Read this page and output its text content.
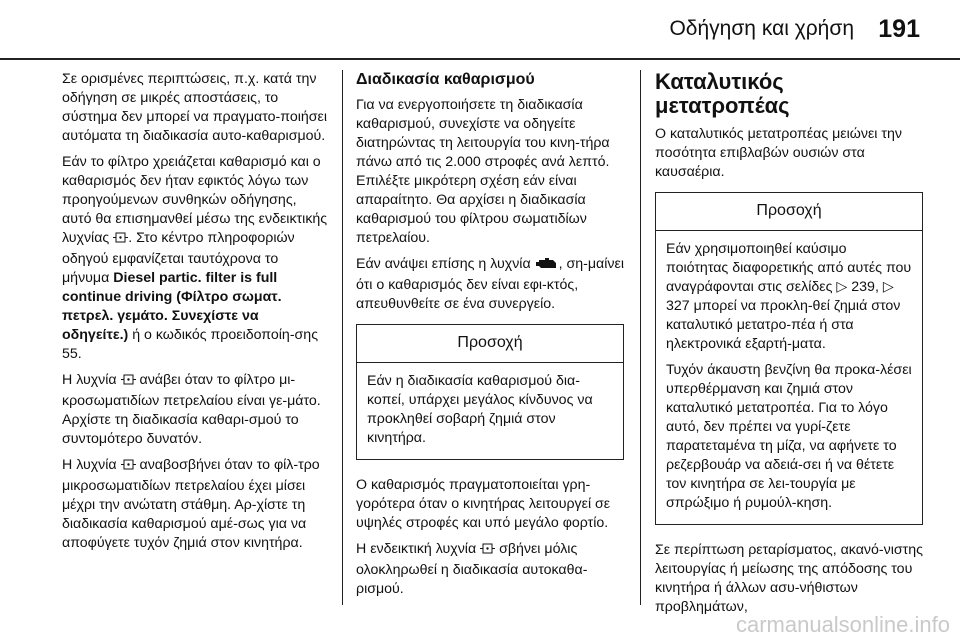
Οδήγηση και χρήση 191

Σε ορισμένες περιπτώσεις, π.χ. κατά την οδήγηση σε μικρές αποστάσεις, το σύστημα δεν μπορεί να πραγματο-ποιήσει αυτόματα τη διαδικασία αυτο-καθαρισμού.

Εάν το φίλτρο χρειάζεται καθαρισμό και ο καθαρισμός δεν ήταν εφικτός λόγω των προηγούμενων συνθηκών οδήγησης, αυτό θα επισημανθεί μέσω της ενδεικτικής λυχνίας . Στο κέντρο πληροφοριών οδηγού εμφανίζεται ταυτόχρονα το μήνυμα Diesel partic. filter is full continue driving (Φίλτρο σωματ. πετρελ. γεμάτο. Συνεχίστε να οδηγείτε.) ή ο κωδικός προειδοποίη-σης 55.

Η λυχνία ανάβει όταν το φίλτρο μι-κροσωματιδίων πετρελαίου είναι γε-μάτο. Αρχίστε τη διαδικασία καθαρι-σμού το συντομότερο δυνατόν.

Η λυχνία αναβοσβήνει όταν το φίλ-τρο μικροσωματιδίων πετρελαίου έχει μίσει μέχρι την ανώτατη στάθμη. Αρ-χίστε τη διαδικασία καθαρισμού αμέ-σως για να αποφύγετε τυχόν ζημιά στον κινητήρα.

Διαδικασία καθαρισμού

Για να ενεργοποιήσετε τη διαδικασία καθαρισμού, συνεχίστε να οδηγείτε διατηρώντας τη λειτουργία του κινη-τήρα πάνω από τις 2.000 στροφές ανά λεπτό. Επιλέξτε μικρότερη σχέση εάν είναι απαραίτητο. Θα αρχίσει η διαδικασία καθαρισμού του φίλτρου σωματιδίων πετρελαίου.

Εάν ανάψει επίσης η λυχνία , ση-μαίνει ότι ο καθαρισμός δεν είναι εφι-κτός, απευθυνθείτε σε ένα συνεργείο.

Προσοχή

Εάν η διαδικασία καθαρισμού δια-κοπεί, υπάρχει μεγάλος κίνδυνος να προκληθεί σοβαρή ζημιά στον κινητήρα.

Ο καθαρισμός πραγματοποιείται γρη-γορότερα όταν ο κινητήρας λειτουργεί σε υψηλές στροφές και υπό μεγάλο φορτίο.

Η ενδεικτική λυχνία σβήνει μόλις ολοκληρωθεί η διαδικασία αυτοκαθα-ρισμού.

Καταλυτικός μετατροπέας

Ο καταλυτικός μετατροπέας μειώνει την ποσότητα επιβλαβών ουσιών στα καυσαέρια.

Προσοχή

Εάν χρησιμοποιηθεί καύσιμο ποιότητας διαφορετικής από αυτές που αναγράφονται στις σελίδες ▷ 239, ▷ 327 μπορεί να προκλη-θεί ζημιά στον καταλυτικό μετατρο-πέα ή στα ηλεκτρονικά εξαρτή-ματα.

Τυχόν άκαυστη βενζίνη θα προκα-λέσει υπερθέρμανση και ζημιά στον καταλυτικό μετατροπέα. Για το λόγο αυτό, δεν πρέπει να γυρί-ζετε παρατεταμένα τη μίζα, να αφήνετε το ρεζερβουάρ να αδειά-σει ή να θέτετε τον κινητήρα σε λει-τουργία με σπρώξιμο ή ρυμούλ-κηση.

Σε περίπτωση ρεταρίσματος, ακανό-νιστης λειτουργίας ή μείωσης της απόδοσης του κινητήρα ή άλλων ασυ-νήθιστων προβλημάτων,

carmanualsonline.info
